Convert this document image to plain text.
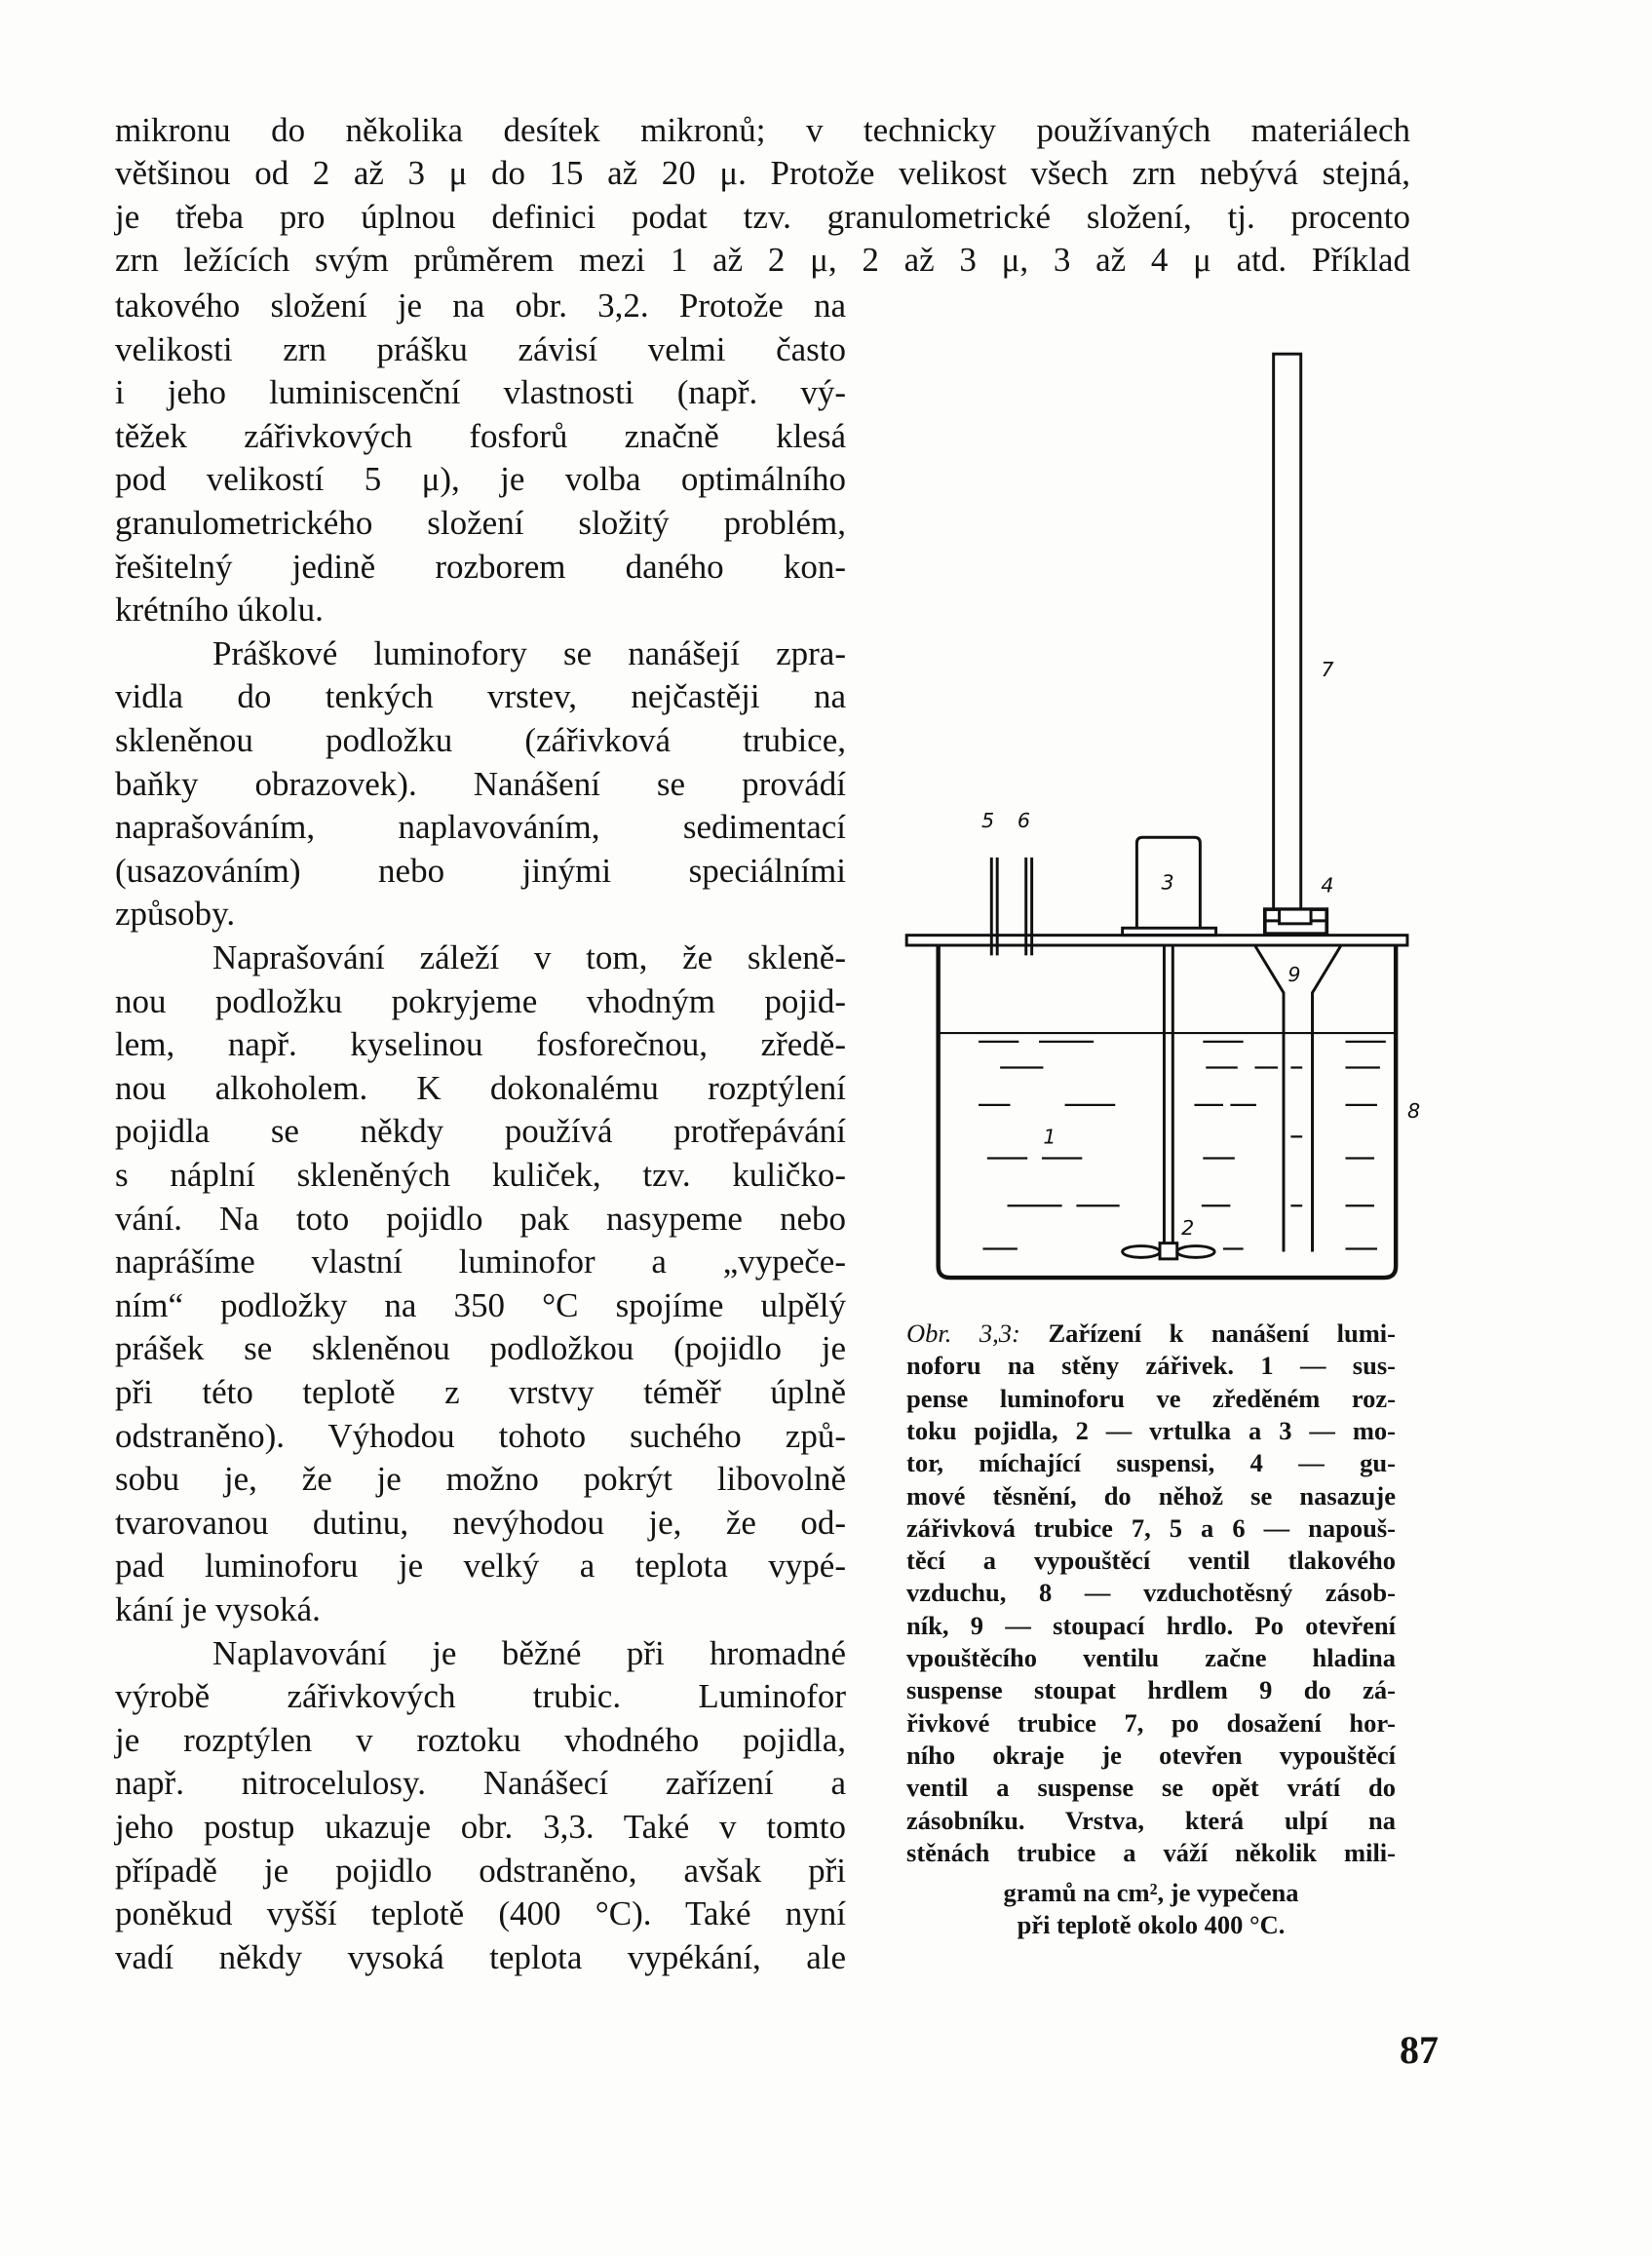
mikronu do několika desítek mikronů; v technicky používaných materiálech
většinou od 2 až 3 μ do 15 až 20 μ. Protože velikost všech zrn nebývá stejná,
je třeba pro úplnou definici podat tzv. granulometrické složení, tj. procento
zrn ležících svým průměrem mezi 1 až 2 μ, 2 až 3 μ, 3 až 4 μ atd. Příklad
takového složení je na obr. 3,2. Protože na
velikosti zrn prášku závisí velmi často
i jeho luminiscenční vlastnosti (např. vý-
těžek zářivkových fosforů značně klesá
pod velikostí 5 μ), je volba optimálního
granulometrického složení složitý problém,
řešitelný jedině rozborem daného kon-
krétního úkolu.
Práškové luminofory se nanášejí zpra-
vidla do tenkých vrstev, nejčastěji na
skleněnou podložku (zářivková trubice,
baňky obrazovek). Nanášení se provádí
naprašováním, naplavováním, sedimentací
(usazováním) nebo jinými speciálními
způsoby.
Naprašování záleží v tom, že skleně-
nou podložku pokryjeme vhodným pojid-
lem, např. kyselinou fosforečnou, zředě-
nou alkoholem. K dokonalému rozptýlení
pojidla se někdy používá protřepávání
s náplní skleněných kuliček, tzv. kuličko-
vání. Na toto pojidlo pak nasypeme nebo
naprášíme vlastní luminofor a „vypeče-
ním“ podložky na 350 °C spojíme ulpělý
prášek se skleněnou podložkou (pojidlo je
při této teplotě z vrstvy téměř úplně
odstraněno). Výhodou tohoto suchého způ-
sobu je, že je možno pokrýt libovolně
tvarovanou dutinu, nevýhodou je, že od-
pad luminoforu je velký a teplota vypé-
kání je vysoká.
Naplavování je běžné při hromadné
výrobě zářivkových trubic. Luminofor
je rozptýlen v roztoku vhodného pojidla,
např. nitrocelulosy. Nanášecí zařízení a
jeho postup ukazuje obr. 3,3. Také v tomto
případě je pojidlo odstraněno, avšak při
poněkud vyšší teplotě (400 °C). Také nyní
vadí někdy vysoká teplota vypékání, ale
Obr. 3,3: Zařízení k nanášení lumi-
noforu na stěny zářivek. 1 — sus-
pense luminoforu ve zředěném roz-
toku pojidla, 2 — vrtulka a 3 — mo-
tor, míchající suspensi, 4 — gu-
mové těsnění, do něhož se nasazuje
zářivková trubice 7, 5 a 6 — napouš-
těcí a vypouštěcí ventil tlakového
vzduchu, 8 — vzduchotěsný zásob-
ník, 9 — stoupací hrdlo. Po otevření
vpouštěcího ventilu začne hladina
suspense stoupat hrdlem 9 do zá-
řivkové trubice 7, po dosažení hor-
ního okraje je otevřen vypouštěcí
ventil a suspense se opět vrátí do
zásobníku. Vrstva, která ulpí na
stěnách trubice a váží několik mili-
gramů na cm², je vypečena
při teplotě okolo 400 °C.
7
4
5 6
3
9
8
1
2
87
